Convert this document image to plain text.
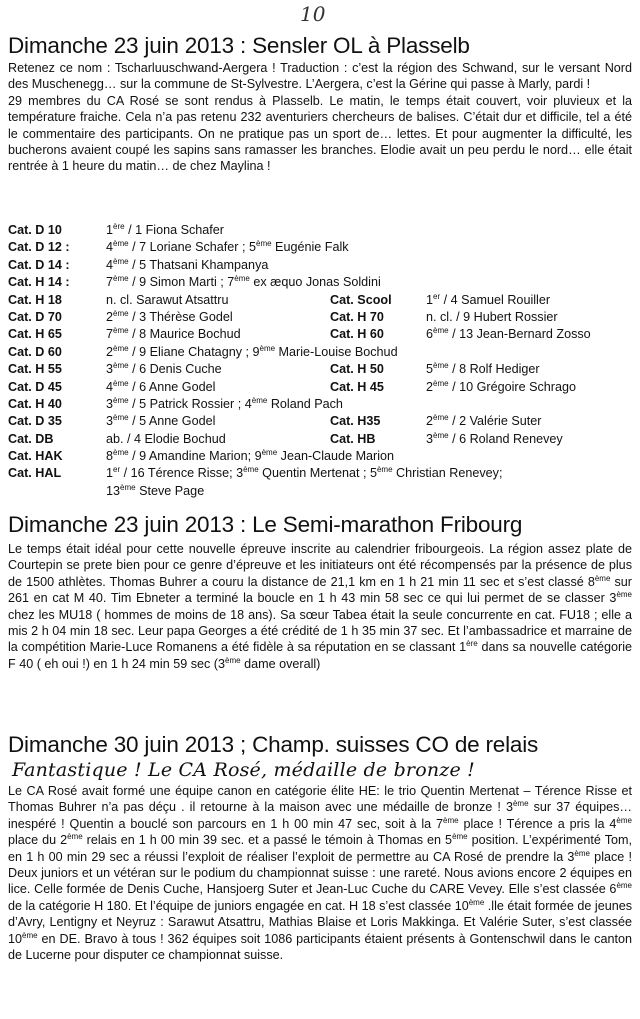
10
Dimanche 23 juin 2013 : Sensler OL à Plasselb

Retenez ce nom : Tscharluuschwand-Aergera ! Traduction : c’est la région des Schwand, sur le versant Nord des Muschenegg… sur la commune de St-Sylvestre. L’Aergera, c’est la Gérine qui passe à Marly, pardi !
29 membres du CA Rosé se sont rendus à Plasselb. Le matin, le temps était couvert, voir pluvieux et la température fraiche. Cela n’a pas retenu 232 aventuriers chercheurs de balises. C’était dur et difficile, tel a été le commentaire des participants. On ne pratique pas un sport de… lettes. Et pour augmenter la difficulté, les bucherons avaient coupé les sapins sans ramasser les branches. Elodie avait un peu perdu le nord… elle était rentrée à 1 heure du matin… de chez Maylina !

Cat. D 10	1ère / 1 Fiona Schafer
Cat. D 12 :	4ème / 7 Loriane Schafer ; 5ème Eugénie Falk
Cat. D 14 :	4ème / 5 Thatsani Khampanya
Cat. H 14 :	7ème / 9 Simon Marti ; 7ème ex æquo Jonas Soldini
Cat. H 18	n. cl. Sarawut Atsattru	Cat. Scool	1er / 4 Samuel Rouiller
Cat. D 70	2ème / 3 Thérèse Godel	Cat. H 70	n. cl. / 9 Hubert Rossier
Cat. H 65	7ème / 8 Maurice Bochud	Cat. H 60	6ème / 13 Jean-Bernard Zosso
Cat. D 60	2ème / 9 Eliane Chatagny ; 9ème Marie-Louise Bochud
Cat. H 55	3ème / 6 Denis Cuche	Cat. H 50	5ème / 8 Rolf Hediger
Cat. D 45	4ème / 6 Anne Godel	Cat. H 45	2ème / 10 Grégoire Schrago
Cat. H 40	3ème / 5 Patrick Rossier ; 4ème Roland Pach
Cat. D 35	3ème / 5 Anne Godel	Cat. H35	2ème / 2 Valérie Suter
Cat. DB	ab. / 4 Elodie Bochud	Cat. HB	3ème / 6 Roland Renevey
Cat. HAK	8ème / 9 Amandine Marion; 9ème Jean-Claude Marion
Cat. HAL	1er / 16 Térence Risse; 3ème Quentin Mertenat ; 5ème Christian Renevey;
13ème Steve Page
Dimanche 23 juin 2013 : Le Semi-marathon Fribourg

Le temps était idéal pour cette nouvelle épreuve inscrite au calendrier fribourgeois. La région assez plate de Courtepin se prete bien pour ce genre d’épreuve et les initiateurs ont été récompensés par la présence de plus de 1500 athlètes. Thomas Buhrer a couru la distance de 21,1 km en 1 h 21 min 11 sec et s’est classé 8ème sur 261 en cat M 40. Tim Ebneter a terminé la boucle en 1 h 43 min 58 sec ce qui lui permet de se classer 3ème chez les MU18 ( hommes de moins de 18 ans). Sa sœur Tabea était la seule concurrente en cat. FU18 ; elle a mis 2 h 04 min 18 sec. Leur papa Georges a été crédité de 1 h 35 min 37 sec. Et l’ambassadrice et marraine de la compétition Marie-Luce Romanens a été fidèle à sa réputation en se classant 1ère dans sa nouvelle catégorie F 40 ( eh oui !) en 1 h 24 min 59 sec (3ème dame overall)

Dimanche 30 juin 2013 ; Champ. suisses CO de relais
Fantastique ! Le CA Rosé, médaille de bronze !

Le CA Rosé avait formé une équipe canon en catégorie élite HE: le trio Quentin Mertenat – Térence Risse et Thomas Buhrer n’a pas déçu . il retourne à la maison avec une médaille de bronze ! 3ème sur 37 équipes… inespéré ! Quentin a bouclé son parcours en 1 h 00 min 47 sec, soit à la 7ème place ! Térence a pris la 4ème place du 2ème relais en 1 h 00 min 39 sec. et a passé le témoin à Thomas en 5ème position. L’expérimenté Tom, en 1 h 00 min 29 sec a réussi l’exploit de réaliser l’exploit de permettre au CA Rosé de prendre la 3ème place ! Deux juniors et un vétéran sur le podium du championnat suisse : une rareté. Nous avions encore 2 équipes en lice. Celle formée de Denis Cuche, Hansjoerg Suter et Jean-Luc Cuche du CARE Vevey. Elle s’est classée 6ème de la catégorie H 180. Et l’équipe de juniors engagée en cat. H 18 s’est classée 10ème .lle était formée de jeunes d’Avry, Lentigny et Neyruz : Sarawut Atsattru, Mathias Blaise et Loris Makkinga. Et Valérie Suter, s’est classée 10ème en DE. Bravo à tous ! 362 équipes soit 1086 participants étaient présents à Gontenschwil dans le canton de Lucerne pour disputer ce championnat suisse.
